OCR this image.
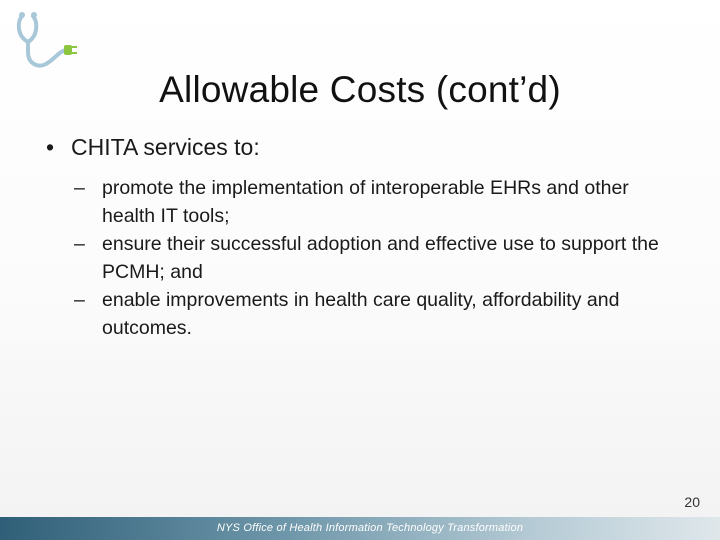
Allowable Costs (cont’d)
• CHITA services to:
– promote the implementation of interoperable EHRs and other health IT tools;
– ensure their successful adoption and effective use to support the PCMH; and
– enable improvements in health care quality, affordability and outcomes.
20
NYS Office of Health Information Technology Transformation
